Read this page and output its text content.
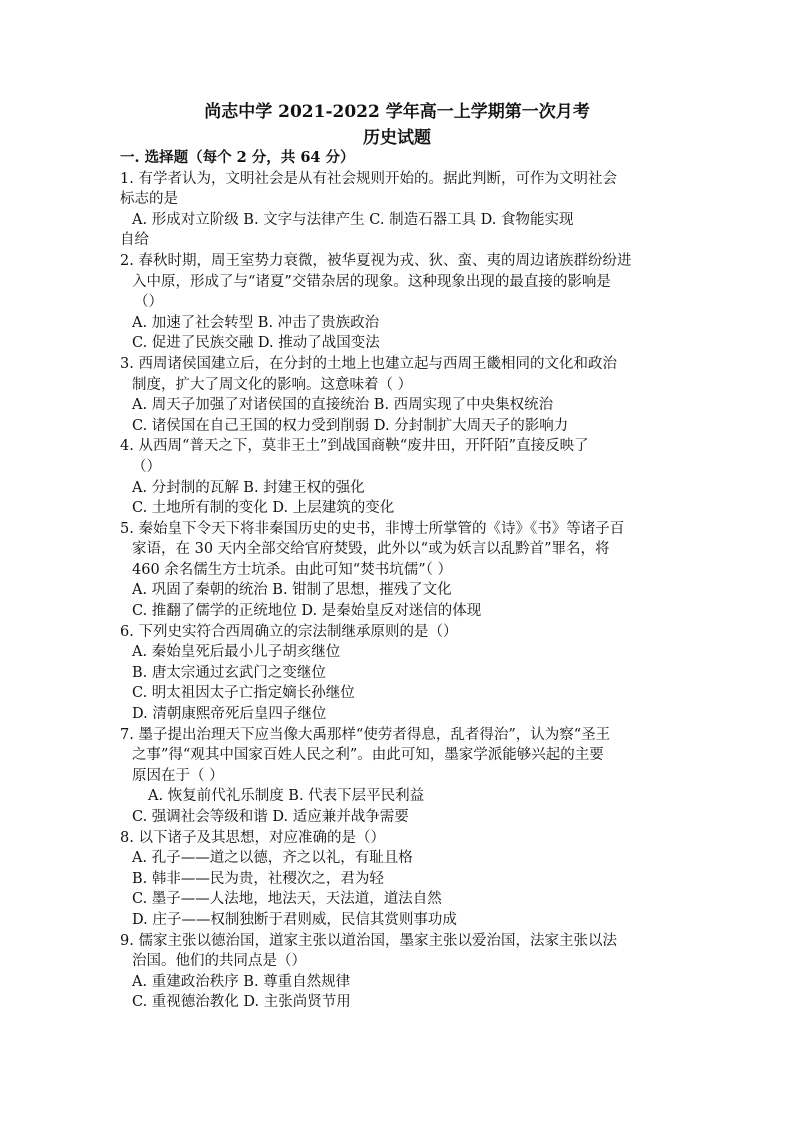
尚志中学 2021-2022 学年高一上学期第一次月考
历史试题
一. 选择题（每个 2 分，共 64 分）
1. 有学者认为，文明社会是从有社会规则开始的。据此判断，可作为文明社会
标志的是
A. 形成对立阶级 B. 文字与法律产生 C. 制造石器工具 D. 食物能实现
自给
2. 春秋时期，周王室势力衰微，被华夏视为戎、狄、蛮、夷的周边诸族群纷纷进
入中原，形成了与“诸夏”交错杂居的现象。这种现象出现的最直接的影响是
（）
A. 加速了社会转型 B. 冲击了贵族政治
C. 促进了民族交融 D. 推动了战国变法
3. 西周诸侯国建立后，在分封的土地上也建立起与西周王畿相同的文化和政治
制度，扩大了周文化的影响。这意味着（ ）
A. 周天子加强了对诸侯国的直接统治 B. 西周实现了中央集权统治
C. 诸侯国在自己王国的权力受到削弱 D. 分封制扩大周天子的影响力
4. 从西周“普天之下，莫非王土”到战国商鞅“废井田，开阡陌”直接反映了
（）
A. 分封制的瓦解 B. 封建王权的强化
C. 土地所有制的变化 D. 上层建筑的变化
5. 秦始皇下令天下将非秦国历史的史书，非博士所掌管的《诗》《书》等诸子百
家语，在 30 天内全部交给官府焚毁，此外以“或为妖言以乱黔首”罪名，将
460 余名儒生方士坑杀。由此可知“焚书坑儒”（ ）
A. 巩固了秦朝的统治 B. 钳制了思想，摧残了文化
C. 推翻了儒学的正统地位 D. 是秦始皇反对迷信的体现
6. 下列史实符合西周确立的宗法制继承原则的是（）
A. 秦始皇死后最小儿子胡亥继位
B. 唐太宗通过玄武门之变继位
C. 明太祖因太子亡指定嫡长孙继位
D. 清朝康熙帝死后皇四子继位
7. 墨子提出治理天下应当像大禹那样“使劳者得息，乱者得治”，认为察“圣王
之事”得“观其中国家百姓人民之利”。由此可知，墨家学派能够兴起的主要
原因在于（ ）
A. 恢复前代礼乐制度 B. 代表下层平民利益
C. 强调社会等级和谐 D. 适应兼并战争需要
8. 以下诸子及其思想，对应准确的是（）
A. 孔子——道之以德，齐之以礼，有耻且格
B. 韩非——民为贵，社稷次之，君为轻
C. 墨子——人法地，地法天，天法道，道法自然
D. 庄子——权制独断于君则威，民信其赏则事功成
9. 儒家主张以德治国，道家主张以道治国，墨家主张以爱治国，法家主张以法
治国。他们的共同点是（）
A. 重建政治秩序 B. 尊重自然规律
C. 重视德治教化 D. 主张尚贤节用
